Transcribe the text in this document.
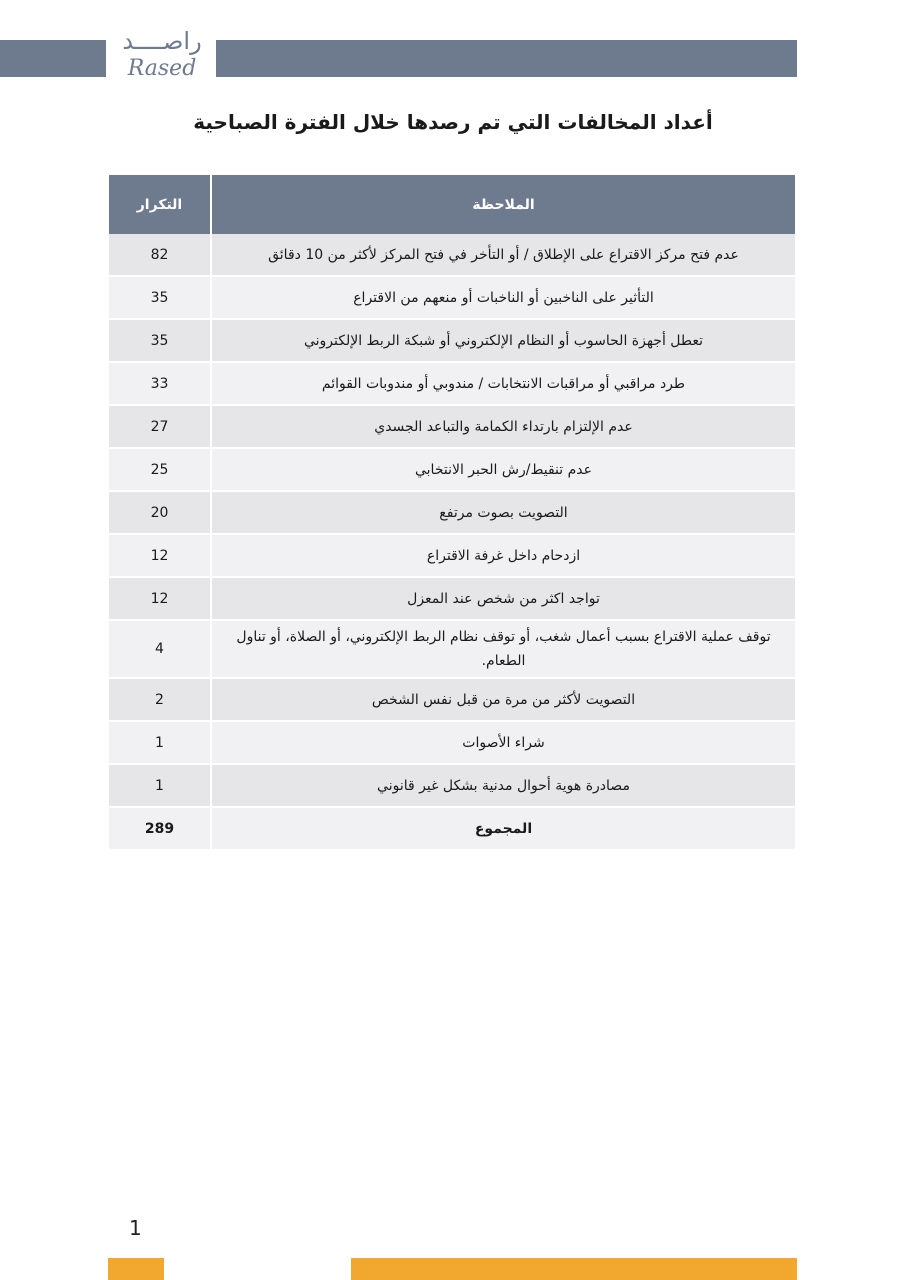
راصــــد
Rased
أعداد المخالفات التي تم رصدها خلال الفترة الصباحية
الملاحظة	التكرار
عدم فتح مركز الاقتراع على الإطلاق / أو التأخر في فتح المركز لأكثر من 10 دقائق	82
التأثير على الناخبين أو الناخبات أو منعهم من الاقتراع	35
تعطل أجهزة الحاسوب أو النظام الإلكتروني أو شبكة الربط الإلكتروني	35
طرد مراقبي أو مراقبات الانتخابات / مندوبي أو مندوبات القوائم	33
عدم الإلتزام بارتداء الكمامة والتباعد الجسدي	27
عدم تنقيط/رش الحبر الانتخابي	25
التصويت بصوت مرتفع	20
ازدحام داخل غرفة الاقتراع	12
تواجد اكثر من شخص عند المعزل	12
توقف عملية الاقتراع بسبب أعمال شغب، أو توقف نظام الربط الإلكتروني، أو الصلاة، أو تناول الطعام.	4
التصويت لأكثر من مرة من قبل نفس الشخص	2
شراء الأصوات	1
مصادرة هوية أحوال مدنية بشكل غير قانوني	1
المجموع	289
1
